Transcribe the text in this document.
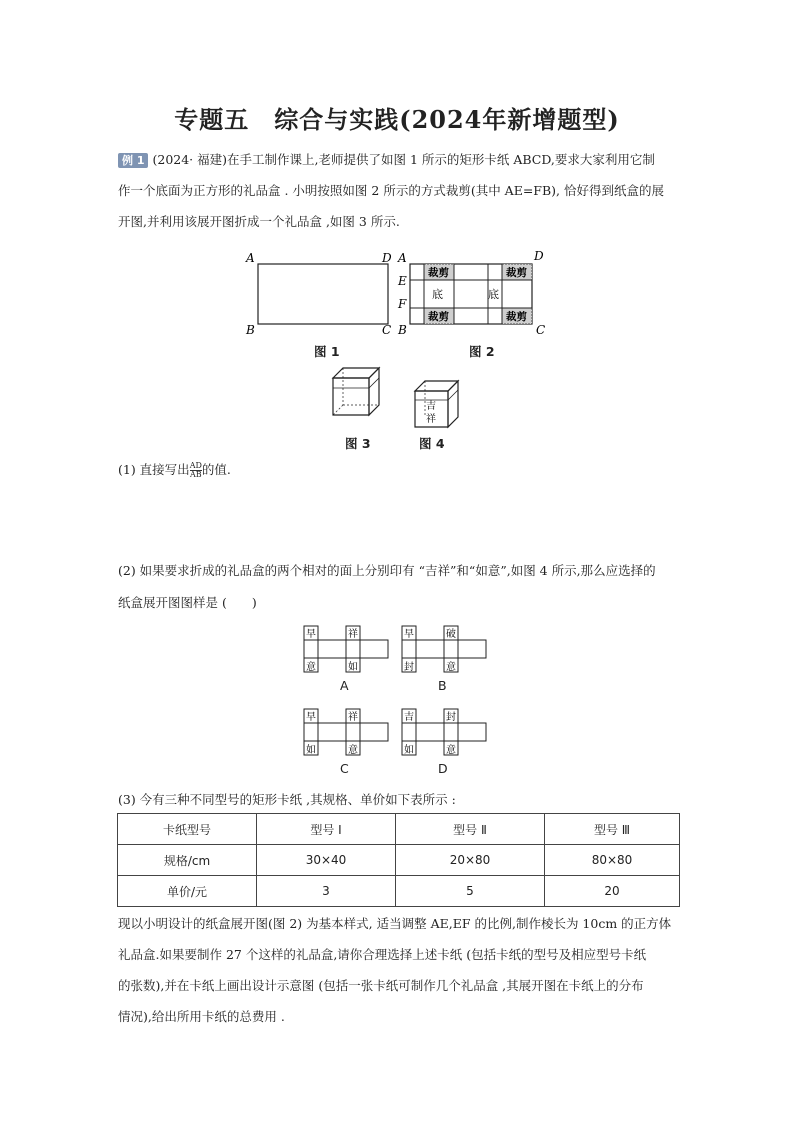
专题五　综合与实践(2024年新增题型)
例 1 (2024· 福建)在手工制作课上,老师提供了如图 1 所示的矩形卡纸 ABCD,要求大家利用它制
作一个底面为正方形的礼品盒 . 小明按照如图 2 所示的方式裁剪(其中 AE=FB), 恰好得到纸盒的展
开图,并利用该展开图折成一个礼品盒 ,如图 3 所示.
A
B	C
D
图 1
裁剪	裁剪
裁剪	裁剪
底	底
A
E
F
B	C
D
图 2
图 3
吉
祥
图 4
(1) 直接写出 $\frac{AD}{AB}$ 的值.
(2) 如果要求折成的礼品盒的两个相对的面上分别印有 “吉祥”和“如意”,如图 4 所示,那么应选择的
纸盒展开图图样是 (　　)
早	祥
意	如
A
早	破
封	意
B
早	祥
如	意
C
吉	封
如	意
D
(3) 今有三种不同型号的矩形卡纸 ,其规格、单价如下表所示 :
卡纸型号	型号 Ⅰ	型号 Ⅱ	型号 Ⅲ
规格/cm	30×40	20×80	80×80
单价/元	3	5	20
现以小明设计的纸盒展开图(图 2) 为基本样式, 适当调整 AE,EF 的比例,制作棱长为 10cm 的正方体
礼品盒.如果要制作 27 个这样的礼品盒,请你合理选择上述卡纸 (包括卡纸的型号及相应型号卡纸
的张数),并在卡纸上画出设计示意图 (包括一张卡纸可制作几个礼品盒 ,其展开图在卡纸上的分布
情况),给出所用卡纸的总费用 .
